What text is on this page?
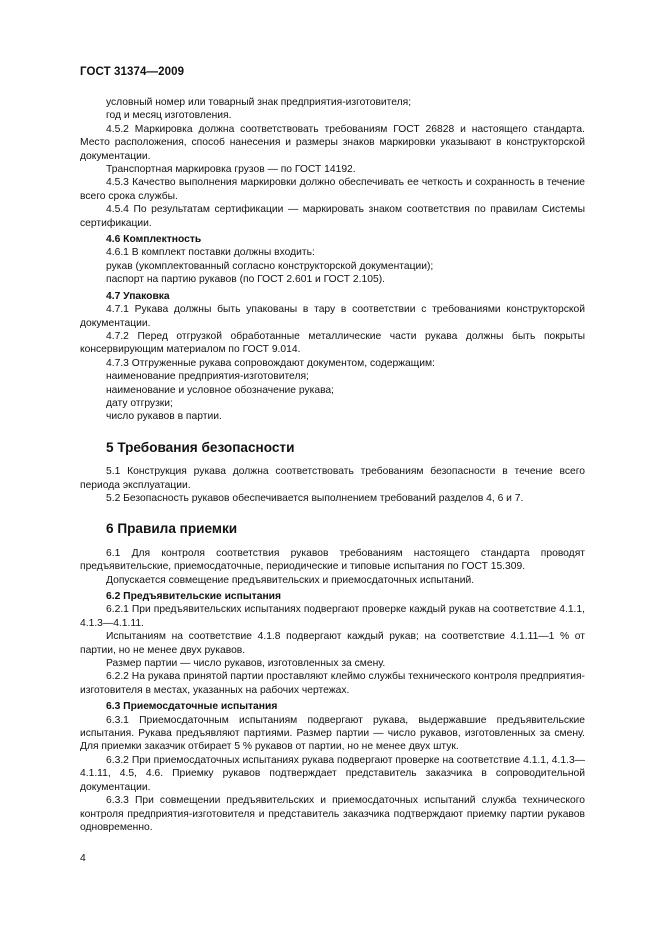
ГОСТ 31374—2009

условный номер или товарный знак предприятия-изготовителя;

год и месяц изготовления.

4.5.2 Маркировка должна соответствовать требованиям ГОСТ 26828 и настоящего стандарта. Место расположения, способ нанесения и размеры знаков маркировки указывают в конструкторской документации.

Транспортная маркировка грузов — по ГОСТ 14192.

4.5.3 Качество выполнения маркировки должно обеспечивать ее четкость и сохранность в течение всего срока службы.

4.5.4 По результатам сертификации — маркировать знаком соответствия по правилам Системы сертификации.

4.6 Комплектность

4.6.1 В комплект поставки должны входить:

рукав (укомплектованный согласно конструкторской документации);

паспорт на партию рукавов (по ГОСТ 2.601 и ГОСТ 2.105).

4.7 Упаковка

4.7.1 Рукава должны быть упакованы в тару в соответствии с требованиями конструкторской документации.

4.7.2 Перед отгрузкой обработанные металлические части рукава должны быть покрыты консервирующим материалом по ГОСТ 9.014.

4.7.3 Отгруженные рукава сопровождают документом, содержащим:

наименование предприятия-изготовителя;

наименование и условное обозначение рукава;

дату отгрузки;

число рукавов в партии.

5 Требования безопасности

5.1 Конструкция рукава должна соответствовать требованиям безопасности в течение всего периода эксплуатации.

5.2 Безопасность рукавов обеспечивается выполнением требований разделов 4, 6 и 7.

6 Правила приемки

6.1 Для контроля соответствия рукавов требованиям настоящего стандарта проводят предъявительские, приемосдаточные, периодические и типовые испытания по ГОСТ 15.309.

Допускается совмещение предъявительских и приемосдаточных испытаний.

6.2 Предъявительские испытания

6.2.1 При предъявительских испытаниях подвергают проверке каждый рукав на соответствие 4.1.1, 4.1.3—4.1.11.

Испытаниям на соответствие 4.1.8 подвергают каждый рукав; на соответствие 4.1.11—1 % от партии, но не менее двух рукавов.

Размер партии — число рукавов, изготовленных за смену.

6.2.2 На рукава принятой партии проставляют клеймо службы технического контроля предприятия-изготовителя в местах, указанных на рабочих чертежах.

6.3 Приемосдаточные испытания

6.3.1 Приемосдаточным испытаниям подвергают рукава, выдержавшие предъявительские испытания. Рукава предъявляют партиями. Размер партии — число рукавов, изготовленных за смену. Для приемки заказчик отбирает 5 % рукавов от партии, но не менее двух штук.

6.3.2 При приемосдаточных испытаниях рукава подвергают проверке на соответствие 4.1.1, 4.1.3—4.1.11, 4.5, 4.6. Приемку рукавов подтверждает представитель заказчика в сопроводительной документации.

6.3.3 При совмещении предъявительских и приемосдаточных испытаний служба технического контроля предприятия-изготовителя и представитель заказчика подтверждают приемку партии рукавов одновременно.

4
